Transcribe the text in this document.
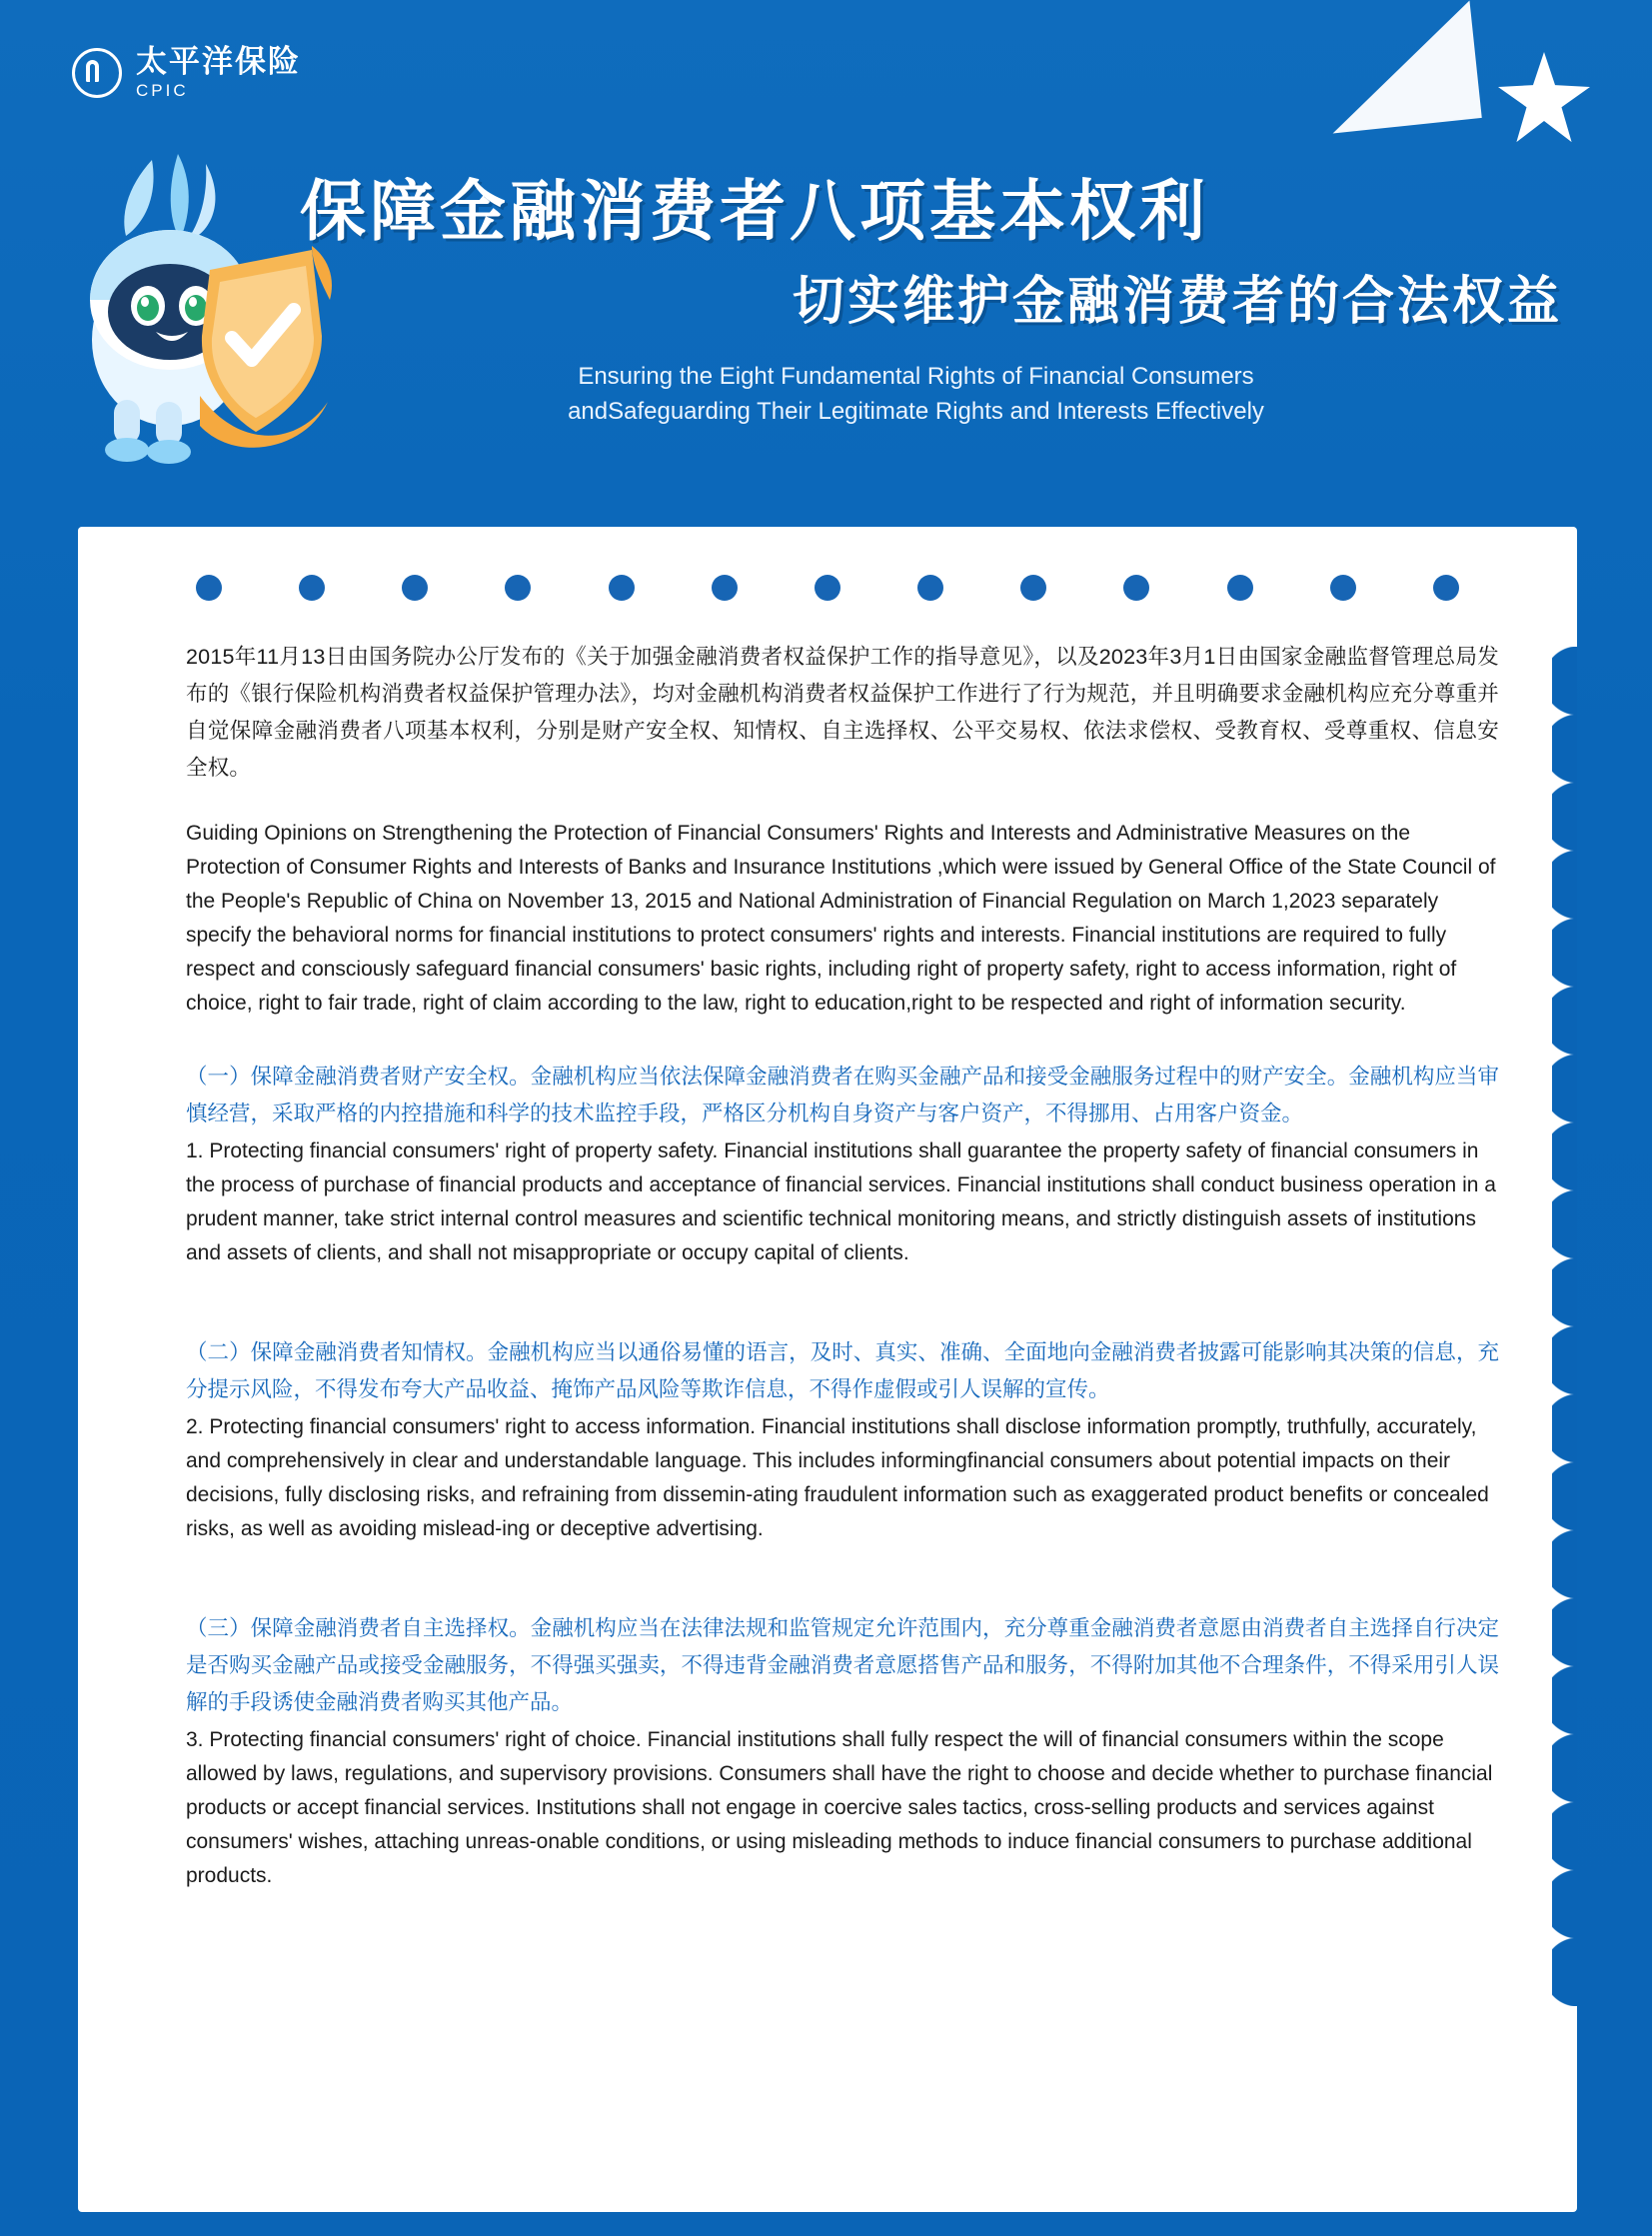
太平洋保险
CPIC
保障金融消费者八项基本权利
切实维护金融消费者的合法权益
Ensuring the Eight Fundamental Rights of Financial Consumers
andSafeguarding Their Legitimate Rights and Interests Effectively

2015年11月13日由国务院办公厅发布的《关于加强金融消费者权益保护工作的指导意见》，以及2023年3月1日由国家金融监督管理总局发布的《银行保险机构消费者权益保护管理办法》，均对金融机构消费者权益保护工作进行了行为规范，并且明确要求金融机构应充分尊重并自觉保障金融消费者八项基本权利，分别是财产安全权、知情权、自主选择权、公平交易权、依法求偿权、受教育权、受尊重权、信息安全权。

Guiding Opinions on Strengthening the Protection of Financial Consumers' Rights and Interests and Administrative Measures on the Protection of Consumer Rights and Interests of Banks and Insurance Institutions ,which were issued by General Office of the State Council of the People's Republic of China on November 13, 2015 and National Administration of Financial Regulation on March 1,2023 separately specify the behavioral norms for financial institutions to protect consumers' rights and interests. Financial institutions are required to fully respect and consciously safeguard financial consumers' basic rights, including right of property safety, right to access information, right of choice, right to fair trade, right of claim according to the law, right to education,right to be respected and right of information security.

（一）保障金融消费者财产安全权。金融机构应当依法保障金融消费者在购买金融产品和接受金融服务过程中的财产安全。金融机构应当审慎经营，采取严格的内控措施和科学的技术监控手段，严格区分机构自身资产与客户资产，不得挪用、占用客户资金。

1. Protecting financial consumers' right of property safety. Financial institutions shall guarantee the property safety of financial consumers in the process of purchase of financial products and acceptance of financial services. Financial institutions shall conduct business operation in a prudent manner, take strict internal control measures and scientific technical monitoring means, and strictly distinguish assets of institutions and assets of clients, and shall not misappropriate or occupy capital of clients.

（二）保障金融消费者知情权。金融机构应当以通俗易懂的语言，及时、真实、准确、全面地向金融消费者披露可能影响其决策的信息，充分提示风险，不得发布夸大产品收益、掩饰产品风险等欺诈信息，不得作虚假或引人误解的宣传。

2. Protecting financial consumers' right to access information. Financial institutions shall disclose information promptly, truthfully, accurately, and comprehensively in clear and understandable language. This includes informingfinancial consumers about potential impacts on their decisions, fully disclosing risks, and refraining from dissemin-ating fraudulent information such as exaggerated product benefits or concealed risks, as well as avoiding mislead-ing or deceptive advertising.

（三）保障金融消费者自主选择权。金融机构应当在法律法规和监管规定允许范围内，充分尊重金融消费者意愿由消费者自主选择自行决定是否购买金融产品或接受金融服务，不得强买强卖，不得违背金融消费者意愿搭售产品和服务，不得附加其他不合理条件，不得采用引人误解的手段诱使金融消费者购买其他产品。

3. Protecting financial consumers' right of choice. Financial institutions shall fully respect the will of financial consumers within the scope allowed by laws, regulations, and supervisory provisions. Consumers shall have the right to choose and decide whether to purchase financial products or accept financial services. Institutions shall not engage in coercive sales tactics, cross-selling products and services against consumers' wishes, attaching unreas-onable conditions, or using misleading methods to induce financial consumers to purchase additional products.
